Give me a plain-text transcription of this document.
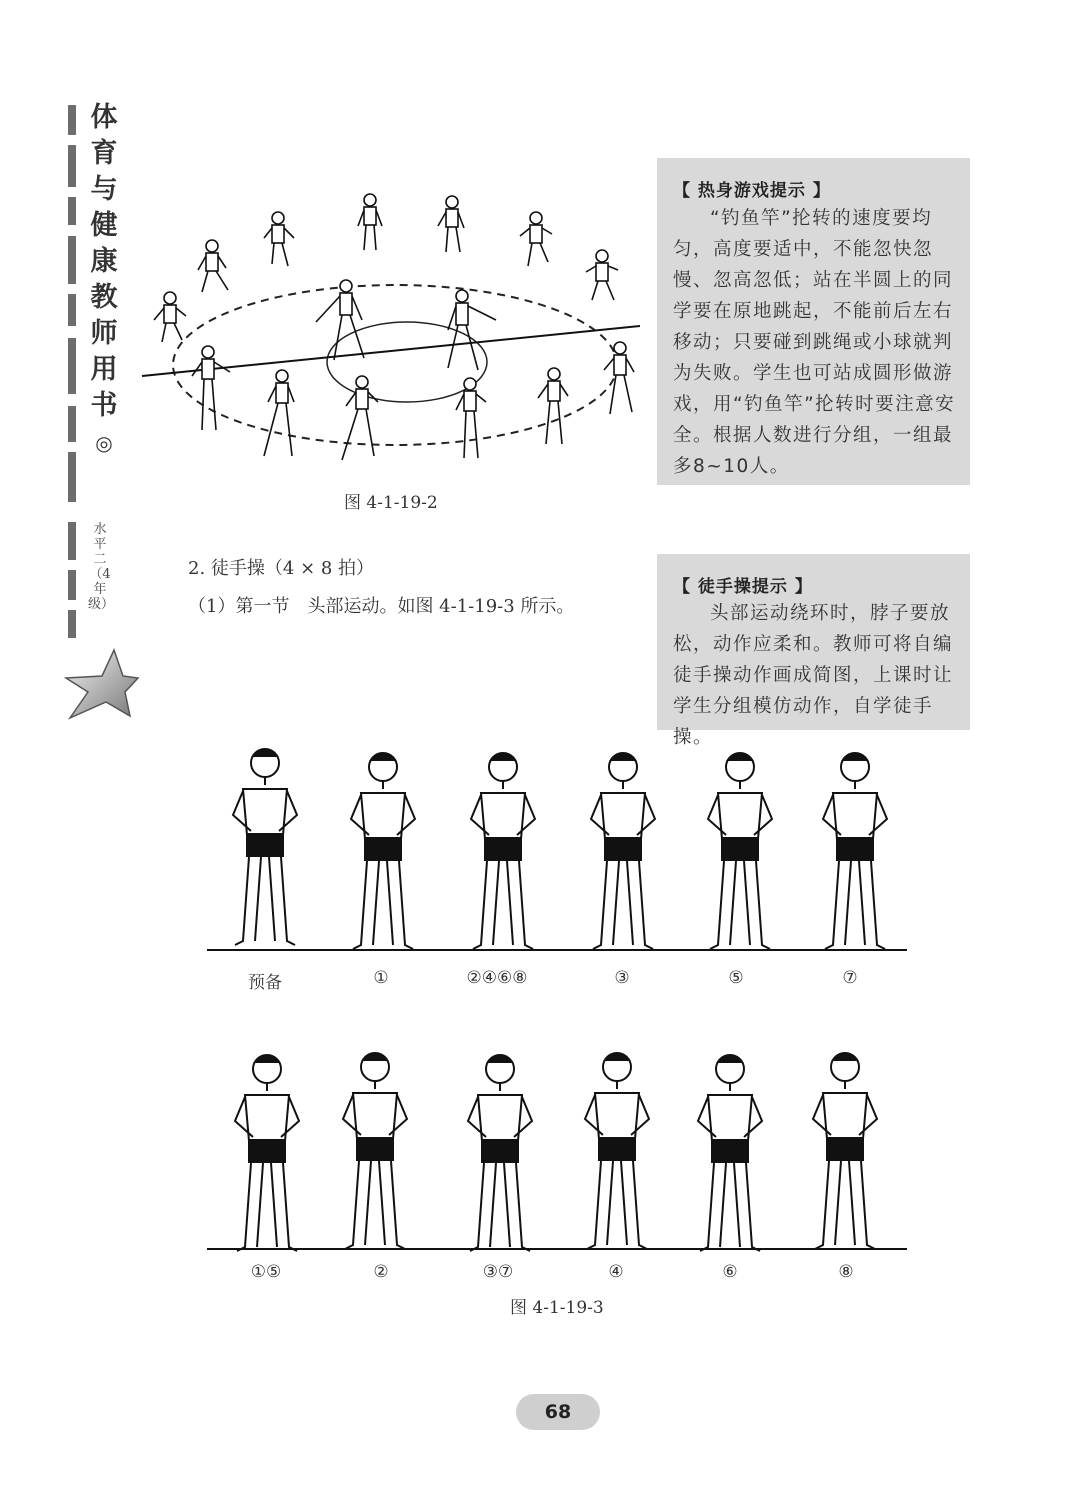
体育与健康教师用书
◎
水平二（4年级）
图 4-1-19-2
【 热身游戏提示 】
“钓鱼竿”抡转的速度要均匀，高度要适中，不能忽快忽慢、忽高忽低；站在半圆上的同学要在原地跳起，不能前后左右移动；只要碰到跳绳或小球就判为失败。学生也可站成圆形做游戏，用“钓鱼竿”抡转时要注意安全。根据人数进行分组，一组最多8~10人。
2. 徒手操（4 × 8 拍）
（1）第一节　头部运动。如图 4-1-19-3 所示。
【 徒手操提示 】
头部运动绕环时，脖子要放松，动作应柔和。教师可将自编徒手操动作画成简图，上课时让学生分组模仿动作，自学徒手操。
预备	①	②④⑥⑧	③	⑤	⑦
①⑤	②	③⑦	④	⑥	⑧
图 4-1-19-3
68
